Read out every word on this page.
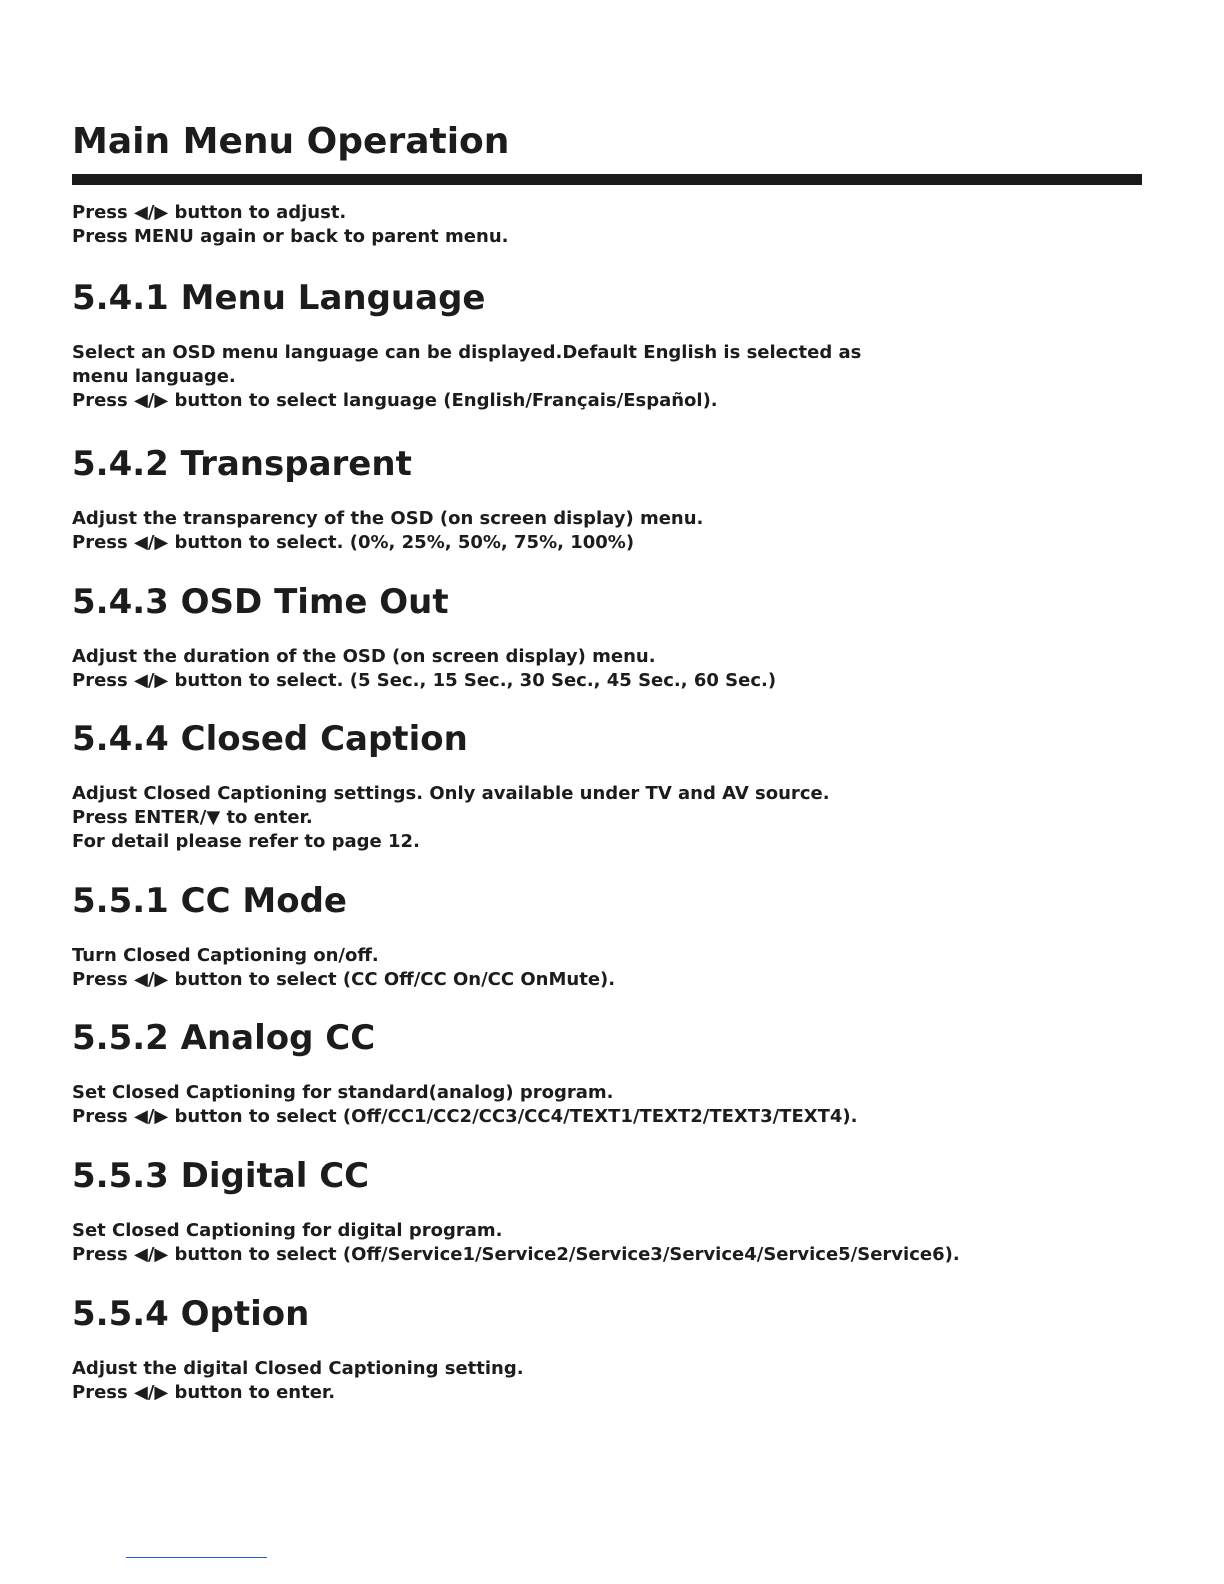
Main Menu Operation
Press ◀/▶ button to adjust.
Press MENU again or back to parent menu.
5.4.1 Menu Language
Select an OSD menu language can be displayed.Default English is selected as
menu language.
Press ◀/▶ button to select language (English/Français/Español).
5.4.2 Transparent
Adjust the transparency of the OSD (on screen display) menu.
Press ◀/▶ button to select. (0%, 25%, 50%, 75%, 100%)
5.4.3 OSD Time Out
Adjust the duration of the OSD (on screen display) menu.
Press ◀/▶ button to select. (5 Sec., 15 Sec., 30 Sec., 45 Sec., 60 Sec.)
5.4.4 Closed Caption
Adjust Closed Captioning settings. Only available under TV and AV source.
Press ENTER/▼ to enter.
For detail please refer to page 12.
5.5.1 CC Mode
Turn Closed Captioning on/off.
Press ◀/▶ button to select (CC Off/CC On/CC OnMute).
5.5.2 Analog CC
Set Closed Captioning for standard(analog) program.
Press ◀/▶ button to select (Off/CC1/CC2/CC3/CC4/TEXT1/TEXT2/TEXT3/TEXT4).
5.5.3 Digital CC
Set Closed Captioning for digital program.
Press ◀/▶ button to select (Off/Service1/Service2/Service3/Service4/Service5/Service6).
5.5.4 Option
Adjust the digital Closed Captioning setting.
Press ◀/▶ button to enter.
